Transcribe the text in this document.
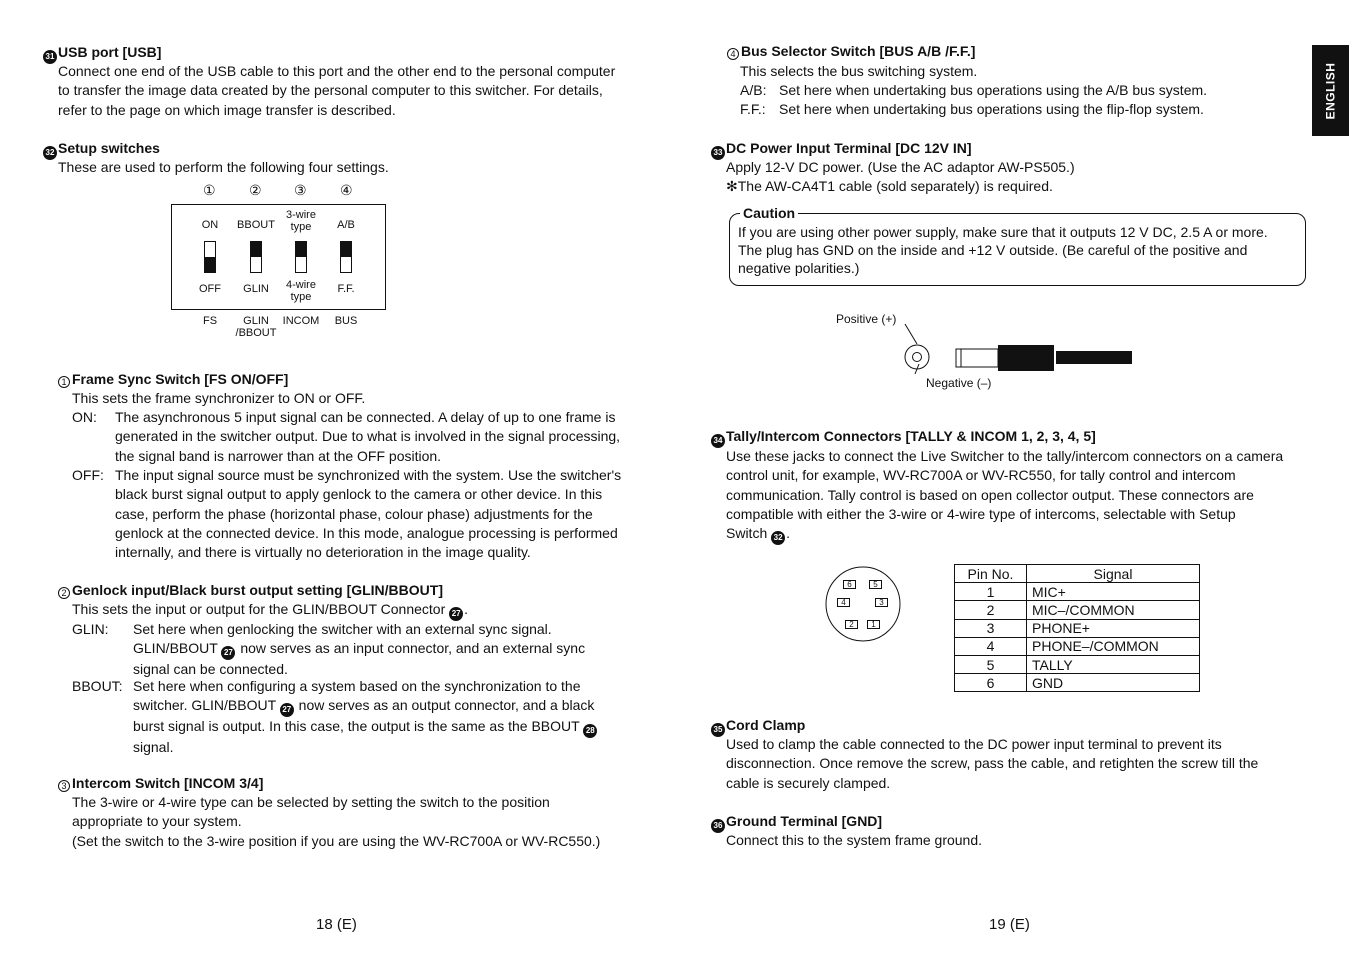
31 USB port [USB]
Connect one end of the USB cable to this port and the other end to the personal computer
to transfer the image data created by the personal computer to this switcher. For details,
refer to the page on which image transfer is described.
32 Setup switches
These are used to perform the following four settings.
① ② ③ ④
ON	BBOUT
3-wire
type	A/B
OFF	GLIN	4-wire
type
F.F.
FS	GLIN
/BBOUT
INCOM	BUS
1 Frame Sync Switch [FS ON/OFF]
This sets the frame synchronizer to ON or OFF.
ON: The asynchronous 5 input signal can be connected. A delay of up to one frame is
generated in the switcher output. Due to what is involved in the signal processing,
the signal band is narrower than at the OFF position.
OFF: The input signal source must be synchronized with the system. Use the switcher's
black burst signal output to apply genlock to the camera or other device. In this
case, perform the phase (horizontal phase, colour phase) adjustments for the
genlock at the connected device. In this mode, analogue processing is performed
internally, and there is virtually no deterioration in the image quality.
2 Genlock input/Black burst output setting [GLIN/BBOUT]
This sets the input or output for the GLIN/BBOUT Connector 27 .
GLIN: Set here when genlocking the switcher with an external sync signal.
GLIN/BBOUT 27 now serves as an input connector, and an external sync
signal can be connected.
BBOUT: Set here when configuring a system based on the synchronization to the
switcher. GLIN/BBOUT 27 now serves as an output connector, and a black
burst signal is output. In this case, the output is the same as the BBOUT 28
signal.
3 Intercom Switch [INCOM 3/4]
The 3-wire or 4-wire type can be selected by setting the switch to the position
appropriate to your system.
(Set the switch to the 3-wire position if you are using the WV-RC700A or WV-RC550.)
18 (E)
4 Bus Selector Switch [BUS A/B /F.F.]
This selects the bus switching system.
A/B: Set here when undertaking bus operations using the A/B bus system.
F.F.: Set here when undertaking bus operations using the flip-flop system.
33 DC Power Input Terminal [DC 12V IN]
Apply 12-V DC power. (Use the AC adaptor AW-PS505.)
✻The AW-CA4T1 cable (sold separately) is required.
Caution
If you are using other power supply, make sure that it outputs 12 V DC, 2.5 A or more.
The plug has GND on the inside and +12 V outside. (Be careful of the positive and
negative polarities.)
Positive (+)
Negative (–)
34 Tally/Intercom Connectors [TALLY & INCOM 1, 2, 3, 4, 5]
Use these jacks to connect the Live Switcher to the tally/intercom connectors on a camera
control unit, for example, WV-RC700A or WV-RC550, for tally control and intercom
communication. Tally control is based on open collector output. These connectors are
compatible with either the 3-wire or 4-wire type of intercoms, selectable with Setup
Switch 32 .
6	5
4	3
2	1
Pin No.	Signal
1	MIC+
2	MIC–/COMMON
3	PHONE+
4	PHONE–/COMMON
5	TALLY
6	GND
35 Cord Clamp
Used to clamp the cable connected to the DC power input terminal to prevent its
disconnection. Once remove the screw, pass the cable, and retighten the screw till the
cable is securely clamped.
36 Ground Terminal [GND]
Connect this to the system frame ground.
19 (E)
ENGLISH
